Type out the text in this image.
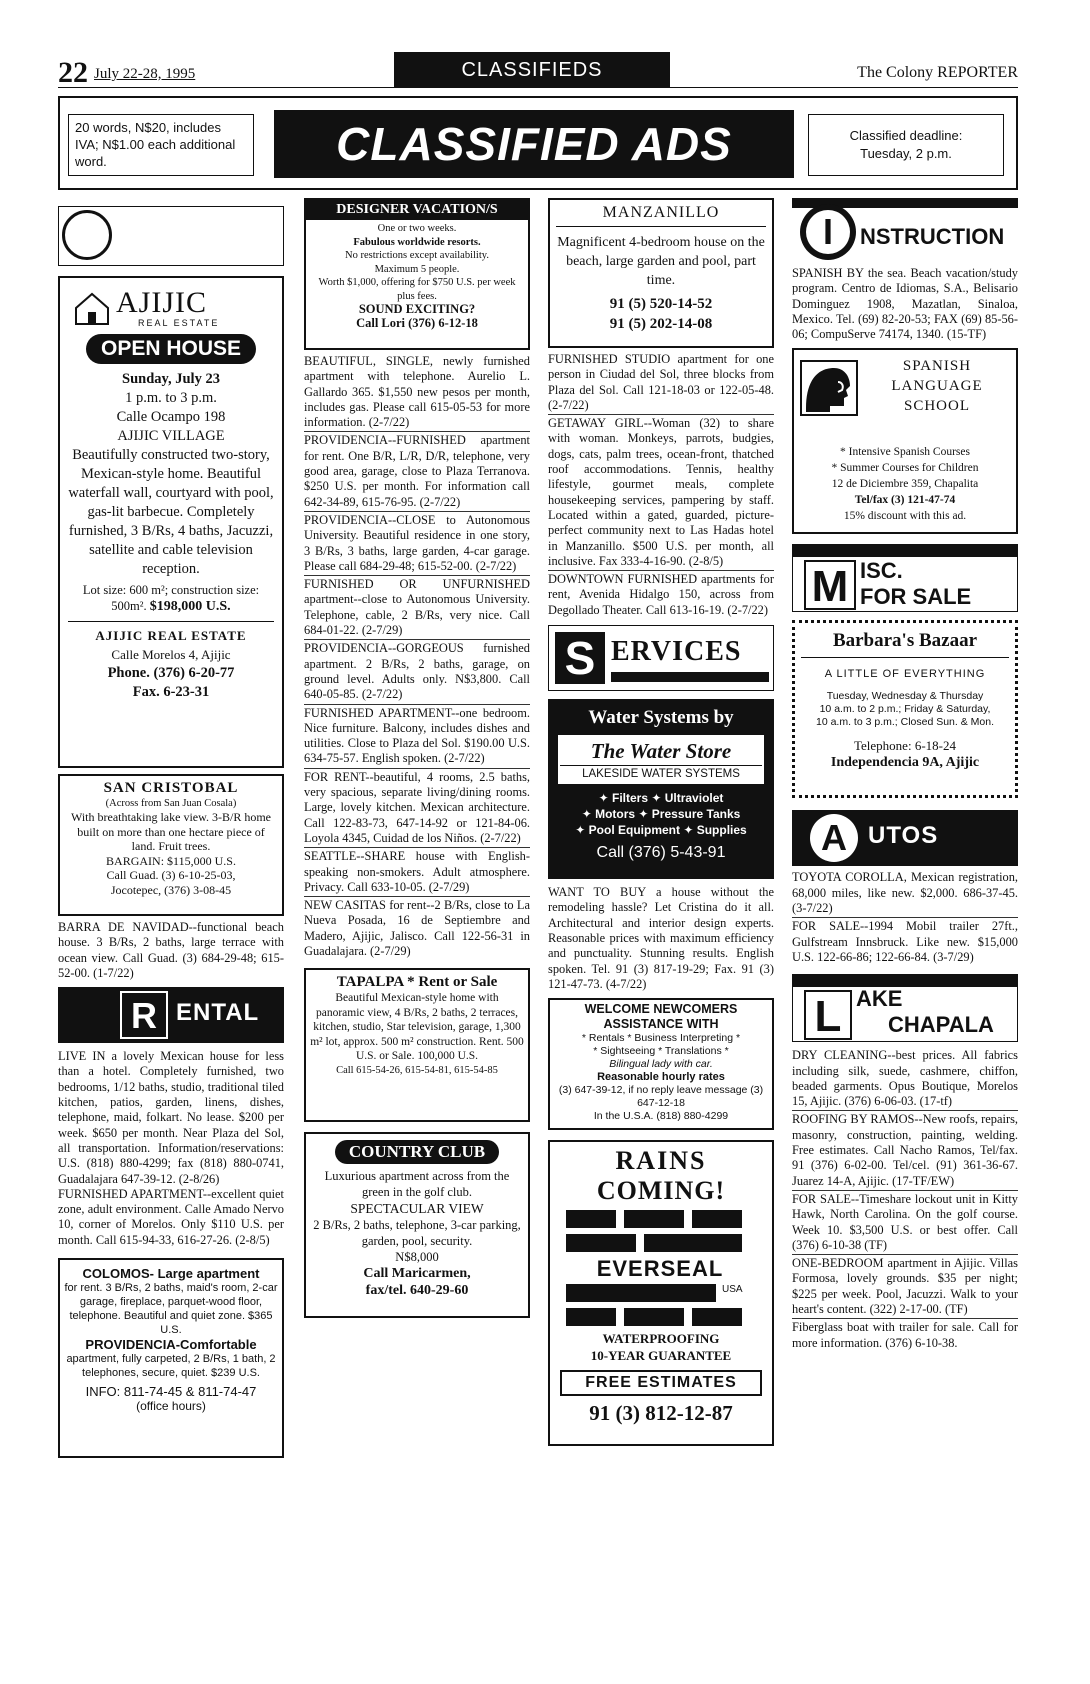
22 July 22-28, 1995	CLASSIFIEDS	The Colony REPORTER
20 words, N$20, includes IVA; N$1.00 each additional word.	CLASSIFIED ADS	Classified deadline:
Tuesday, 2 p.m.
R EAL
ESTATE
AJIJIC
REAL ESTATE
OPEN HOUSE
Sunday, July 23
1 p.m. to 3 p.m.
Calle Ocampo 198
AJIJIC VILLAGE
Beautifully constructed two-story, Mexican-style home. Beautiful waterfall wall, courtyard with pool, gas-lit barbecue. Completely furnished, 3 B/Rs, 4 baths, Jacuzzi, satellite and cable television reception.
Lot size: 600 m²; construction size: 500m². $198,000 U.S.
AJIJIC REAL ESTATE
Calle Morelos 4, Ajijic
Phone. (376) 6-20-77
Fax. 6-23-31
SAN CRISTOBAL
(Across from San Juan Cosala)
With breathtaking lake view. 3-B/R home built on more than one hectare piece of land. Fruit trees.
BARGAIN: $115,000 U.S.
Call Guad. (3) 6-10-25-03,
Jocotepec, (376) 3-08-45
BARRA DE NAVIDAD--functional beach house. 3 B/Rs, 2 baths, large terrace with ocean view. Call Guad. (3) 684-29-48; 615-52-00. (1-7/22)
R ENTAL
LIVE IN a lovely Mexican house for less than a hotel. Completely furnished, two bedrooms, 1/12 baths, studio, traditional tiled kitchen, patios, garden, linens, dishes, telephone, maid, folkart. No lease. $200 per week. $650 per month. Near Plaza del Sol, all transportation. Information/reservations: U.S. (818) 880-4299; fax (818) 880-0741, Guadalajara 647-39-12. (2-8/26)
FURNISHED APARTMENT--excellent quiet zone, adult environment. Calle Amado Nervo 10, corner of Morelos. Only $110 U.S. per month. Call 615-94-33, 616-27-26. (2-8/5)
COLOMOS- Large apartment
for rent. 3 B/Rs, 2 baths, maid's room, 2-car garage, fireplace, parquet-wood floor, telephone. Beautiful and quiet zone. $365 U.S.
PROVIDENCIA-Comfortable
apartment, fully carpeted, 2 B/Rs, 1 bath, 2 telephones, secure, quiet. $239 U.S.
INFO: 811-74-45 & 811-74-47
(office hours)
DESIGNER VACATION/S
One or two weeks.
Fabulous worldwide resorts.
No restrictions except availability.
Maximum 5 people.
Worth $1,000, offering for $750 U.S. per week plus fees.
SOUND EXCITING?
Call Lori (376) 6-12-18

BEAUTIFUL, SINGLE, newly furnished apartment with telephone. Aurelio L. Gallardo 365. $1,550 new pesos per month, includes gas. Please call 615-05-53 for more information. (2-7/22)

PROVIDENCIA--FURNISHED apartment for rent. One B/R, L/R, D/R, telephone, very good area, garage, close to Plaza Terranova. $250 U.S. per month. For information call 642-34-89, 615-76-95. (2-7/22)

PROVIDENCIA--CLOSE to Autonomous University. Beautiful residence in one story, 3 B/Rs, 3 baths, large garden, 4-car garage. Please call 684-29-48; 615-52-00. (2-7/22)

FURNISHED OR UNFURNISHED apartment--close to Autonomous University. Telephone, cable, 2 B/Rs, very nice. Call 684-01-22. (2-7/29)

PROVIDENCIA--GORGEOUS furnished apartment. 2 B/Rs, 2 baths, garage, on ground level. Adults only. N$3,800. Call 640-05-85. (2-7/22)

FURNISHED APARTMENT--one bedroom. Nice furniture. Balcony, includes dishes and utilities. Close to Plaza del Sol. $190.00 U.S. 634-75-57. English spoken. (2-7/22)

FOR RENT--beautiful, 4 rooms, 2.5 baths, very spacious, separate living/dining rooms. Large, lovely kitchen. Mexican architecture. Call 122-83-73, 647-14-92 or 121-84-06. Loyola 4345, Cuidad de los Niños. (2-7/22)

SEATTLE--SHARE house with English-speaking non-smokers. Adult atmosphere. Privacy. Call 633-10-05. (2-7/29)

NEW CASITAS for rent--2 B/Rs, close to La Nueva Posada, 16 de Septiembre and Madero, Ajijic, Jalisco. Call 122-56-31 in Guadalajara. (2-7/29)

TAPALPA * Rent or Sale
Beautiful Mexican-style home with panoramic view, 4 B/Rs, 2 baths, 2 terraces, kitchen, studio, Star television, garage, 1,300 m² lot, approx. 500 m² construction. Rent. 500 U.S. or Sale. 100,000 U.S.
Call 615-54-26, 615-54-81, 615-54-85
COUNTRY CLUB
Luxurious apartment across from the green in the golf club.
SPECTACULAR VIEW
2 B/Rs, 2 baths, telephone, 3-car parking, garden, pool, security.
N$8,000
Call Maricarmen,
fax/tel. 640-29-60
MANZANILLO
Magnificent 4-bedroom house on the beach, large garden and pool, part time.
91 (5) 520-14-52
91 (5) 202-14-08

FURNISHED STUDIO apartment for one person in Ciudad del Sol, three blocks from Plaza del Sol. Call 121-18-03 or 122-05-48. (2-7/22)

GETAWAY GIRL--Woman (32) to share with woman. Monkeys, parrots, budgies, dogs, cats, palm trees, ocean-front, thatched roof accommodations. Tennis, healthy lifestyle, gourmet meals, complete housekeeping services, pampering by staff. Located within a gated, guarded, picture-perfect community next to Las Hadas hotel in Manzanillo. $500 U.S. per month, all inclusive. Fax 333-4-16-90. (2-8/5)

DOWNTOWN FURNISHED apartments for rent, Avenida Hidalgo 150, across from Degollado Theater. Call 613-16-19. (2-7/22)

S ERVICES
Water Systems by
The Water Store
LAKESIDE WATER SYSTEMS
✦ Filters ✦ Ultraviolet
✦ Motors ✦ Pressure Tanks
✦ Pool Equipment ✦ Supplies
Call (376) 5-43-91
WANT TO BUY a house without the remodeling hassle? Let Cristina do it all. Architectural and interior design experts. Reasonable prices with maximum efficiency and punctuality. Stunning results. English spoken. Tel. 91 (3) 817-19-29; Fax. 91 (3) 121-47-73. (4-7/22)
WELCOME NEWCOMERS
ASSISTANCE WITH
* Rentals * Business Interpreting *
* Sightseeing * Translations *
Bilingual lady with car.
Reasonable hourly rates
(3) 647-39-12, if no reply leave message (3) 647-12-18
In the U.S.A. (818) 880-4299
RAINS
COMING!
EVERSEAL
USA
WATERPROOFING
10-YEAR GUARANTEE
FREE ESTIMATES
91 (3) 812-12-87
I	NSTRUCTION
SPANISH BY the sea. Beach vacation/study program. Centro de Idiomas, S.A., Belisario Dominguez 1908, Mazatlan, Sinaloa, Mexico. Tel. (69) 82-20-53; FAX (69) 85-56-06; CompuServe 74174, 1340. (15-TF)
SPANISH
LANGUAGE
SCHOOL
* Intensive Spanish Courses
* Summer Courses for Children
12 de Diciembre 359, Chapalita
Tel/fax (3) 121-47-74
15% discount with this ad.
M ISC.
FOR SALE
Barbara's Bazaar
A LITTLE OF EVERYTHING
Tuesday, Wednesday & Thursday
10 a.m. to 2 p.m.; Friday & Saturday,
10 a.m. to 3 p.m.; Closed Sun. & Mon.
Telephone: 6-18-24
Independencia 9A, Ajijic
A UTOS

TOYOTA COROLLA, Mexican registration, 68,000 miles, like new. $2,000. 686-37-45. (3-7/22)

FOR SALE--1994 Mobil trailer 27ft., Gulfstream Innsbruck. Like new. $15,000 U.S. 122-66-86; 122-66-84. (3-7/29)

L AKE
CHAPALA

DRY CLEANING--best prices. All fabrics including silk, suede, cashmere, chiffon, beaded garments. Opus Boutique, Morelos 15, Ajijic. (376) 6-06-03. (17-tf)

ROOFING BY RAMOS--New roofs, repairs, masonry, construction, painting, welding. Free estimates. Call Nacho Ramos, Tel/fax. 91 (376) 6-02-00. Tel/cel. (91) 361-36-67. Juarez 14-A, Ajijic. (17-TF/EW)

FOR SALE--Timeshare lockout unit in Kitty Hawk, North Carolina. On the golf course. Week 10. $3,500 U.S. or best offer. Call (376) 6-10-38 (TF)

ONE-BEDROOM apartment in Ajijic. Villas Formosa, lovely grounds. $35 per night; $225 per week. Pool, Jacuzzi. Walk to your heart's content. (322) 2-17-00. (TF)

Fiberglass boat with trailer for sale. Call for more information. (376) 6-10-38.
